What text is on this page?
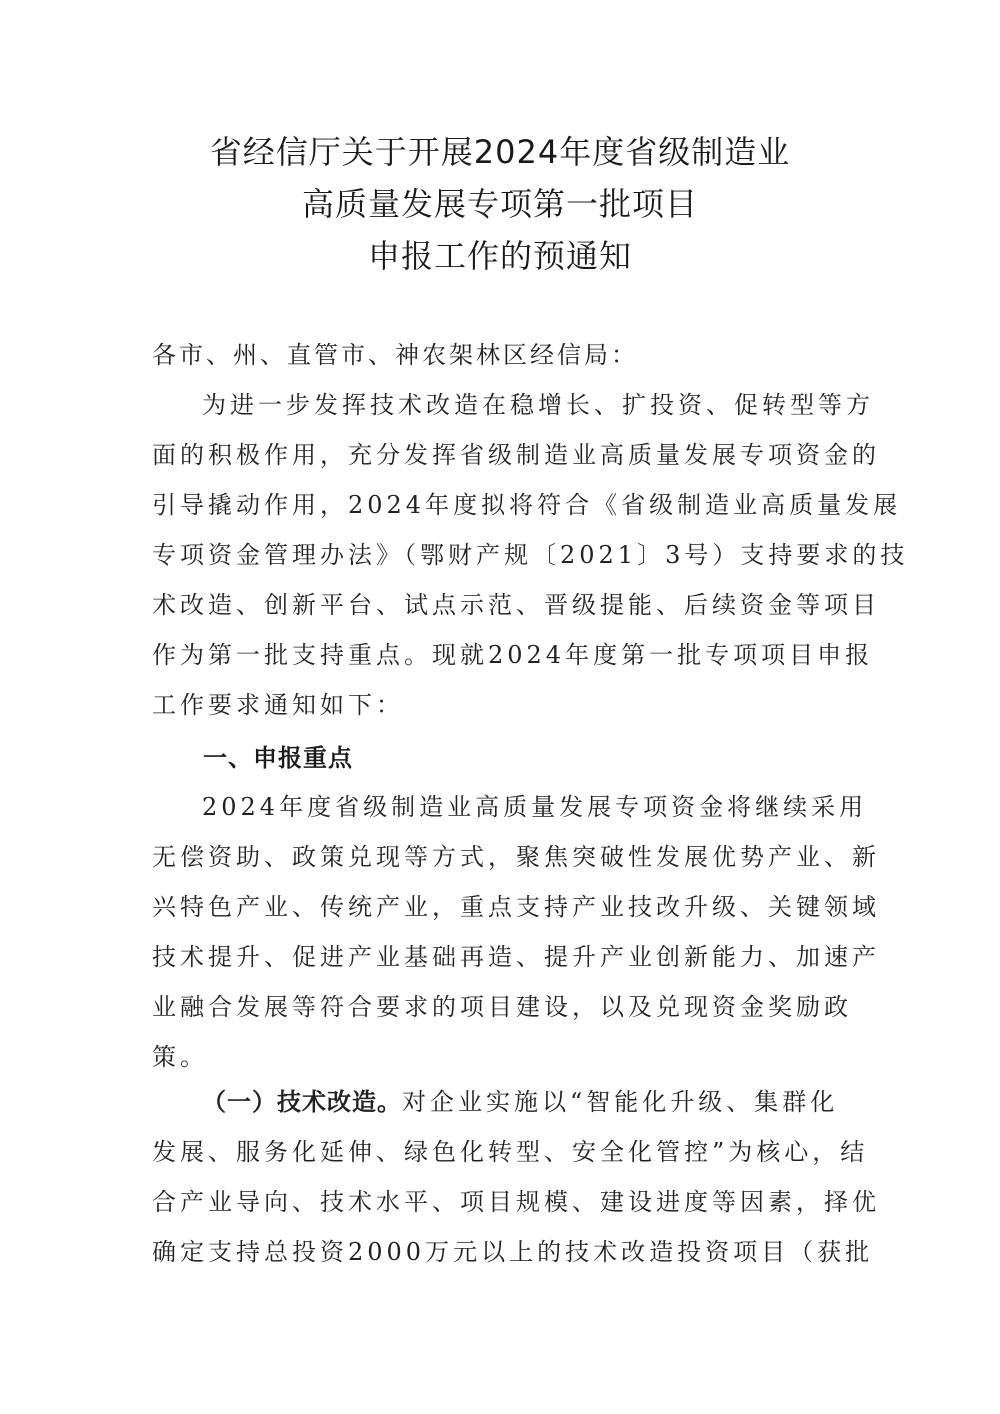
省经信厅关于开展2024年度省级制造业
高质量发展专项第一批项目
申报工作的预通知
各市、州、直管市、神农架林区经信局：
为进一步发挥技术改造在稳增长、扩投资、促转型等方
面的积极作用，充分发挥省级制造业高质量发展专项资金的
引导撬动作用，2024年度拟将符合《省级制造业高质量发展
专项资金管理办法》（鄂财产规〔2021〕3号）支持要求的技
术改造、创新平台、试点示范、晋级提能、后续资金等项目
作为第一批支持重点。现就2024年度第一批专项项目申报
工作要求通知如下：
一、申报重点
2024年度省级制造业高质量发展专项资金将继续采用
无偿资助、政策兑现等方式，聚焦突破性发展优势产业、新
兴特色产业、传统产业，重点支持产业技改升级、关键领域
技术提升、促进产业基础再造、提升产业创新能力、加速产
业融合发展等符合要求的项目建设，以及兑现资金奖励政
策。
（一）技术改造。对企业实施以“智能化升级、集群化
发展、服务化延伸、绿色化转型、安全化管控”为核心，结
合产业导向、技术水平、项目规模、建设进度等因素，择优
确定支持总投资2000万元以上的技术改造投资项目（获批
